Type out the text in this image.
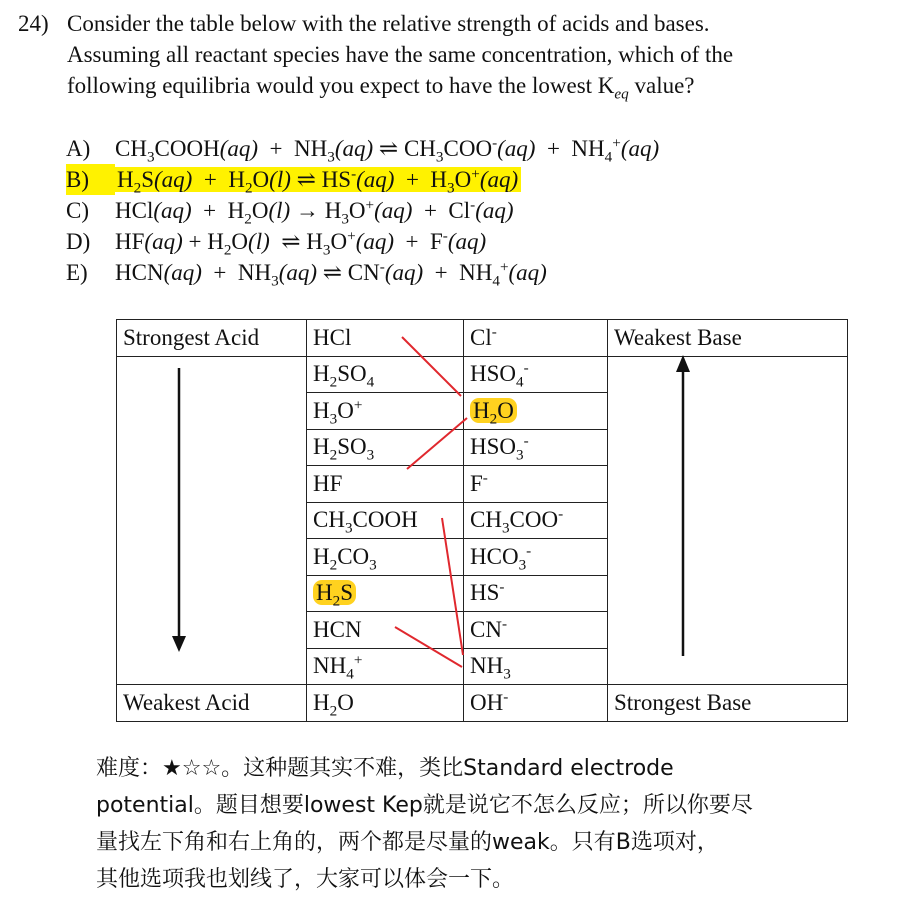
24) Consider the table below with the relative strength of acids and bases.
Assuming all reactant species have the same concentration, which of the
following equilibria would you expect to have the lowest $K_{eq}$ value?
A) $CH_3COOH(aq) + NH_3(aq)$ ⇌ $CH_3COO^-(aq) + NH_4^+(aq)$
B) $H_2S(aq) + H_2O(l)$ ⇌ $HS^-(aq) + H_3O^+(aq)$
C) $HCl(aq) + H_2O(l) \to H_3O^+(aq) + Cl^-(aq)$
D) $HF(aq) + H_2O(l)$  ⇌ $H_3O^+(aq) + F^-(aq)$
E) $HCN(aq) + NH_3(aq)$ ⇌ $CN^-(aq) + NH_4^+(aq)$
Strongest Acid	HCl	Cl-	Weakest Base
	$H_2SO_4$	$HSO_4^-$	
	$H_3O^+$	$H_2O$	
	$H_2SO_3$	$HSO_3^-$
	HF	F-
	$CH_3COOH$	$CH_3COO^-$
	$H_2CO_3$	$HCO_3^-$
	$H_2S$	HS-
	HCN	CN-
	$NH_4^+$	$NH_3$
Weakest Acid	$H_2O$	OH-	Strongest Base
难度：★☆☆。这种题其实不难，类比Standard electrode
potential。题目想要lowest Kep就是说它不怎么反应；所以你要尽
量找左下角和右上角的，两个都是尽量的weak。只有B选项对，
其他选项我也划线了，大家可以体会一下。
